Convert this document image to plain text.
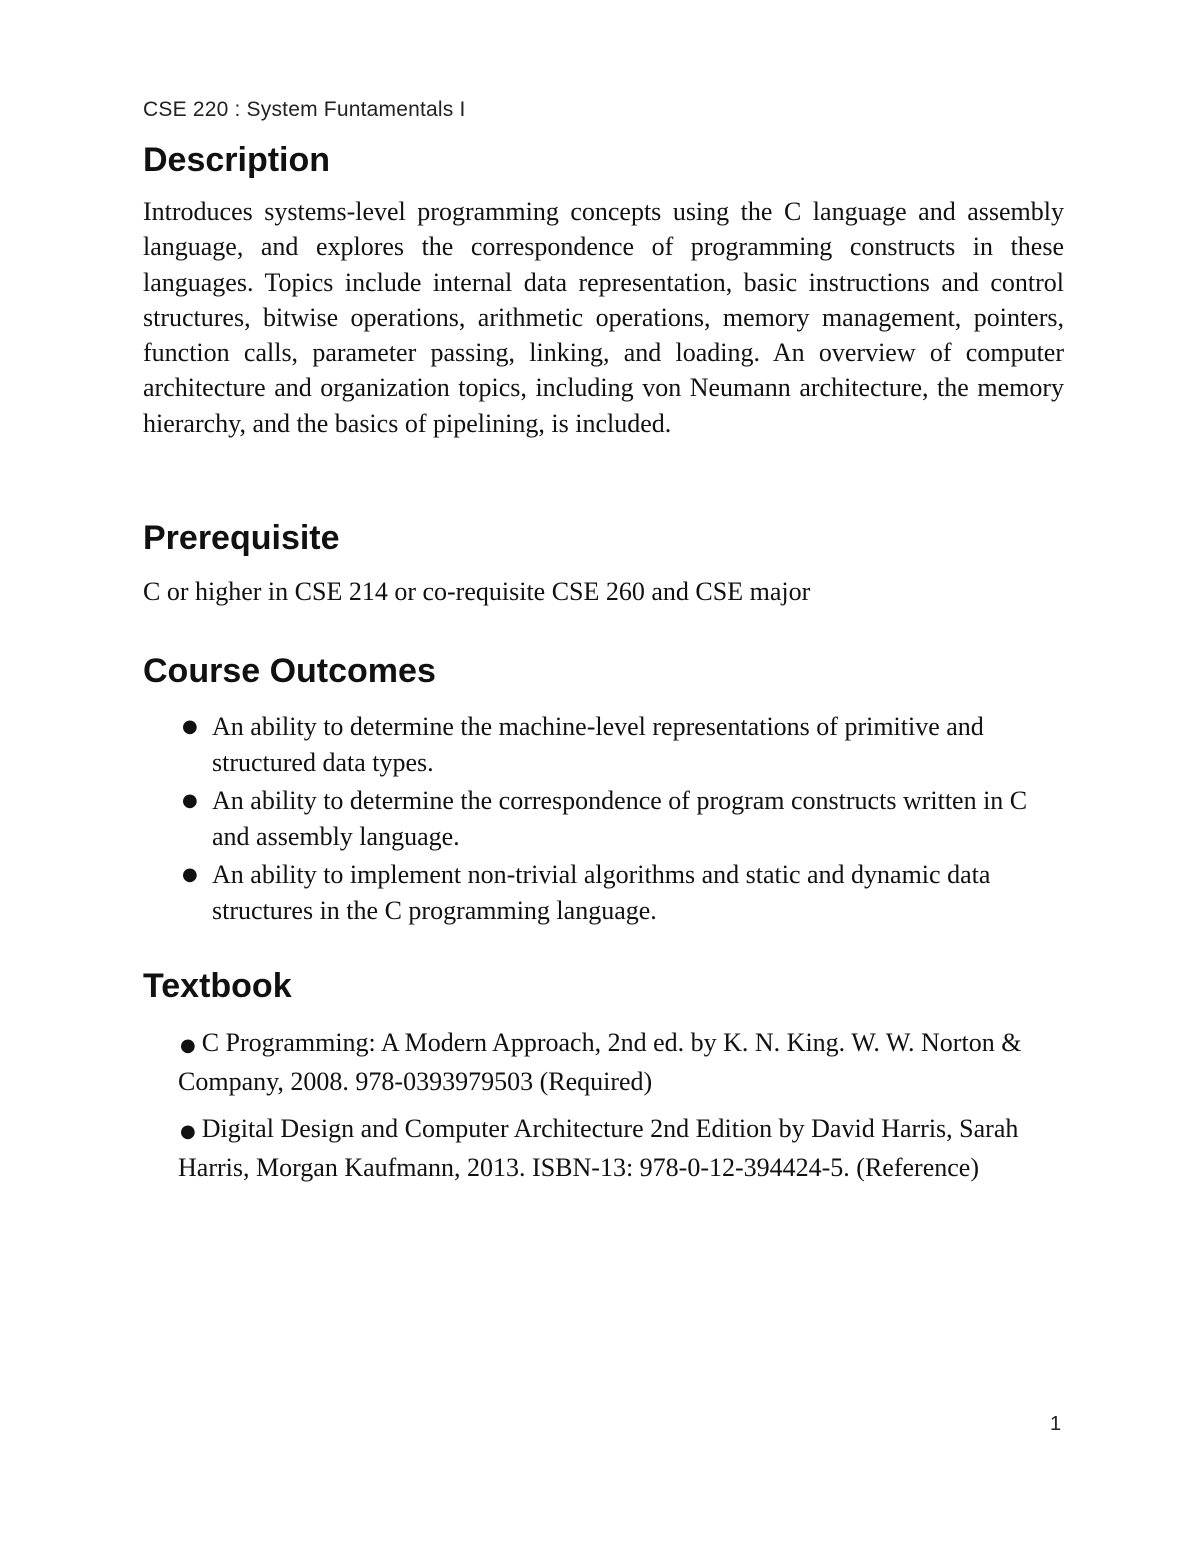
CSE 220 : System Funtamentals I
Description

Introduces systems-level programming concepts using the C language and assembly language, and explores the correspondence of programming constructs in these languages. Topics include internal data representation, basic instructions and control structures, bitwise operations, arithmetic operations, memory management, pointers, function calls, parameter passing, linking, and loading. An overview of computer architecture and organization topics, including von Neumann architecture, the memory hierarchy, and the basics of pipelining, is included.

Prerequisite

C or higher in CSE 214 or co-requisite CSE 260 and CSE major

Course Outcomes
● An ability to determine the machine-level representations of primitive and structured data types.
● An ability to determine the correspondence of program constructs written in C and assembly language.
● An ability to implement non-trivial algorithms and static and dynamic data structures in the C programming language.
Textbook
● C Programming: A Modern Approach, 2nd ed. by K. N. King. W. W. Norton & Company, 2008. 978-0393979503 (Required)
● Digital Design and Computer Architecture 2nd Edition by David Harris, Sarah Harris, Morgan Kaufmann, 2013. ISBN-13: 978-0-12-394424-5. (Reference)
1
